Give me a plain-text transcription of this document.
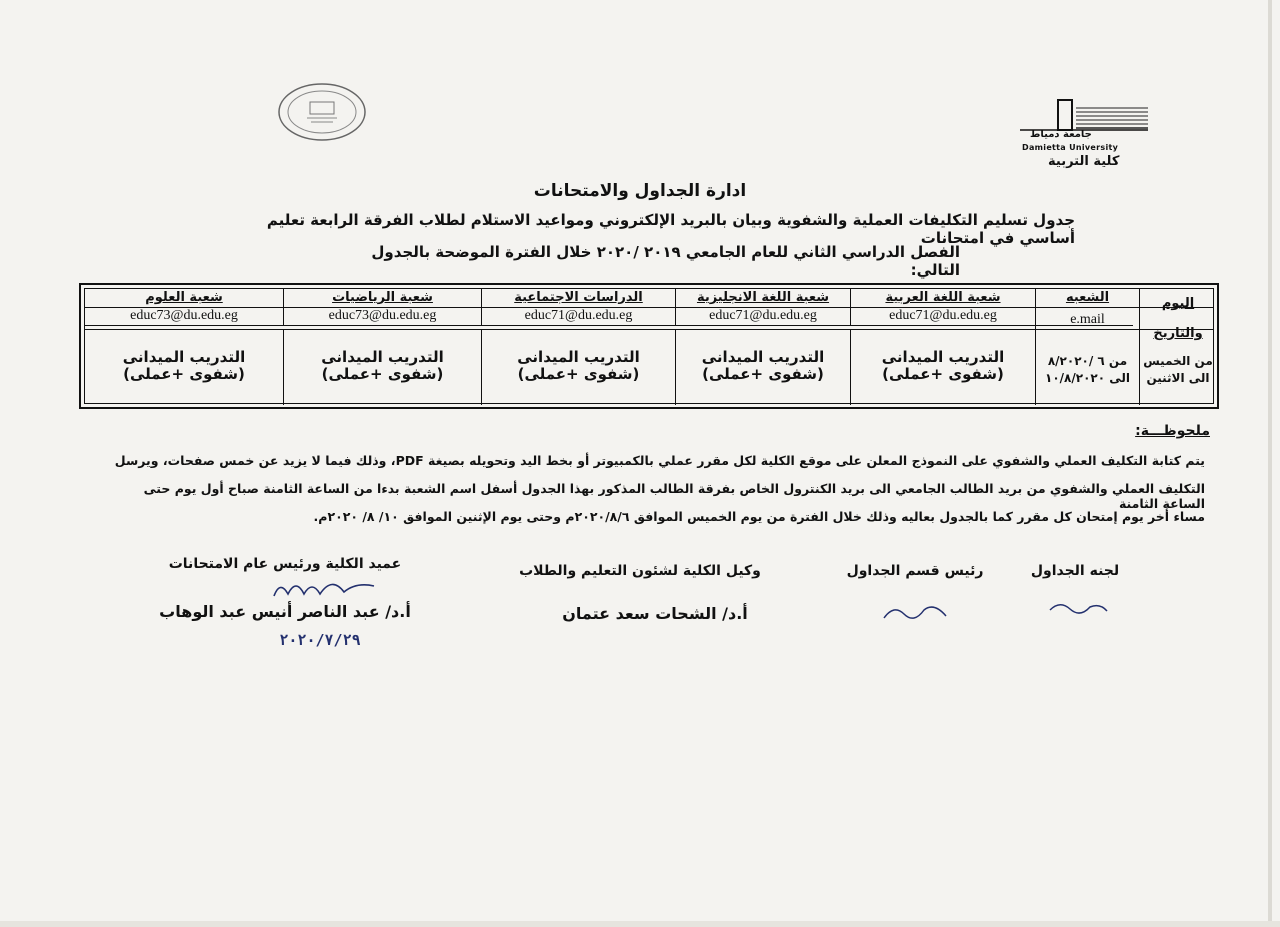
جامعة دمياط
Damietta University
كلية التربية
ادارة الجداول والامتحانات
جدول تسليم التكليفات العملية والشفوية وبيان بالبريد الإلكتروني ومواعيد الاستلام لطلاب الفرقة الرابعة تعليم أساسي في امتحانات
الفصل الدراسي الثاني للعام الجامعي ٢٠١٩ /٢٠٢٠ خلال الفترة الموضحة بالجدول التالي:
اليوم والتاريخ
الشعبه
e.mail
شعبة اللغة العربية
شعبة اللغة الانجليزية
الدراسات الاجتماعية
شعبة الرياضيات
شعبة العلوم
educ71@du.edu.eg
educ71@du.edu.eg
educ71@du.edu.eg
educ73@du.edu.eg
educ73@du.edu.eg
من الخميس
الى الاثنين
من ٦ /٨/٢٠٢٠
الى ١٠/٨/٢٠٢٠
التدريب الميدانى
(شفوى +عملى)
التدريب الميدانى
(شفوى +عملى)
التدريب الميدانى
(شفوى +عملى)
التدريب الميدانى
(شفوى +عملى)
التدريب الميدانى
(شفوى +عملى)
ملحوظـــة:
يتم كتابة التكليف العملي والشفوي على النموذج المعلن على موقع الكلية لكل مقرر عملي بالكمبيوتر أو بخط اليد وتحويله بصيغة PDF، وذلك فيما لا يزيد عن خمس صفحات، ويرسل
التكليف العملي والشفوي من بريد الطالب الجامعي الى بريد الكنترول الخاص بفرقة الطالب المذكور بهذا الجدول أسفل اسم الشعبة بدءا من الساعة الثامنة صباح أول يوم حتى الساعة الثامنة
مساء أخر يوم إمتحان كل مقرر كما بالجدول بعاليه وذلك خلال الفترة من يوم الخميس الموافق ٢٠٢٠/٨/٦م وحتى يوم الإثنين الموافق ١٠/ ٨/ ٢٠٢٠م.
لجنه الجداول
رئيس قسم الجداول
وكيل الكلية لشئون التعليم والطلاب
عميد الكلية ورئيس عام الامتحانات
أ.د/ الشحات سعد عتمان
أ.د/ عبد الناصر أنيس عبد الوهاب
٢٠٢٠/٧/٢٩
